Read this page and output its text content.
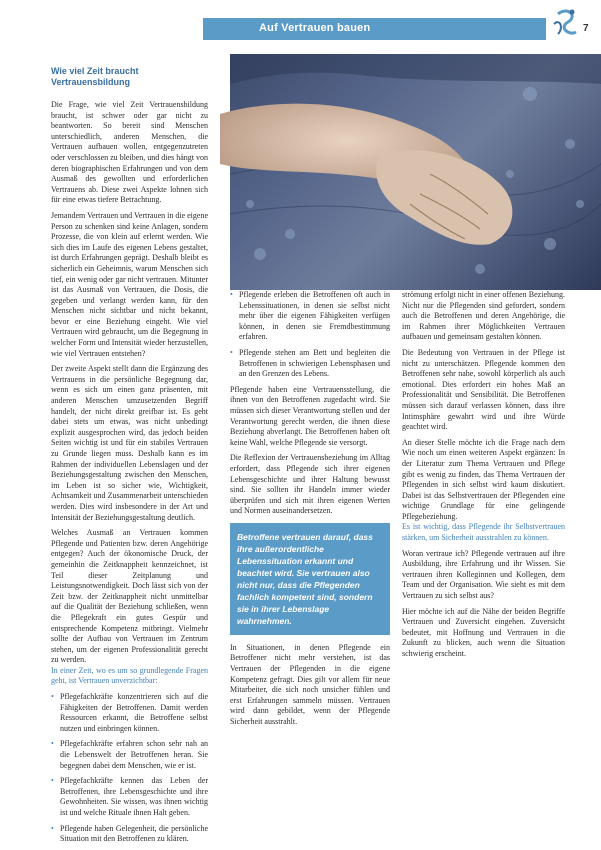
Auf Vertrauen bauen	7
Wie viel Zeit braucht
Vertrauensbildung

Die Frage, wie viel Zeit Vertrauensbildung braucht, ist schwer oder gar nicht zu beantworten. So bereit sind Menschen unterschiedlich, anderen Menschen, die Vertrauen aufbauen wollen, entgegenzutreten oder verschlossen zu bleiben, und dies hängt von deren biographischen Erfahrungen und von dem Ausmaß des gewollten und erforderlichen Vertrauens ab. Diese zwei Aspekte lohnen sich für eine etwas tiefere Betrachtung.

Jemandem Vertrauen und Vertrauen in die eigene Person zu schenken sind keine Anlagen, sondern Prozesse, die von klein auf erlernt werden. Wie sich dies im Laufe des eigenen Lebens gestaltet, ist durch Erfahrungen geprägt. Deshalb bleibt es sicherlich ein Geheimnis, warum Menschen sich tief, ein wenig oder gar nicht vertrauen. Mitunter ist das Ausmaß von Vertrauen, die Dosis, die gegeben und verlangt werden kann, für den Menschen nicht sichtbar und nicht bekannt, bevor er eine Beziehung eingeht. Wie viel Vertrauen wird gebraucht, um die Begegnung in welcher Form und Intensität wieder herzustellen, wie viel Vertrauen entstehen?

Der zweite Aspekt stellt dann die Ergänzung des Vertrauens in die persönliche Begegnung dar, wenn es sich um einen ganz präsenten, mit anderen Menschen umzusetzenden Begriff handelt, der nicht direkt greifbar ist. Es geht dabei stets um etwas, was nicht unbedingt explizit ausgesprochen wird, das jedoch beiden Seiten wichtig ist und für ein stabiles Vertrauen zu Grunde liegen muss. Deshalb kann es im Rahmen der individuellen Lebenslagen und der Beziehungsgestaltung zwischen den Menschen, im Leben ist so sicher wie, Wichtigkeit, Achtsamkeit und Zusammenarbeit unterschieden werden. Dies wird insbesondere in der Art und Intensität der Beziehungsgestaltung deutlich.

Welches Ausmaß an Vertrauen kommen Pflegende und Patienten bzw. deren Angehörige entgegen? Auch der ökonomische Druck, der gemeinhin die Zeitknappheit kennzeichnet, ist Teil dieser Zeitplanung und Leistungsnotwendigkeit. Doch lässt sich von der Zeit bzw. der Zeitknappheit nicht unmittelbar auf die Qualität der Beziehung schließen, wenn die Pflegekraft ein gutes Gespür und entsprechende Kompetenz mitbringt. Vielmehr sollte der Aufbau von Vertrauen im Zentrum stehen, um der eigenen Professionalität gerecht zu werden.

In einer Zeit, wo es um so grundlegende Fragen geht, ist Vertrauen unverzichtbar:

• Pflegefachkräfte konzentrieren sich auf die Fähigkeiten der Betroffenen. Damit werden Ressourcen erkannt, die Betroffene selbst nutzen und einbringen können.
• Pflegefachkräfte erfahren schon sehr nah an die Lebenswelt der Betroffenen heran. Sie begegnen dabei dem Menschen, wie er ist.
• Pflegefachkräfte kennen das Leben der Betroffenen, ihre Lebensgeschichte und ihre Gewohnheiten. Sie wissen, was ihnen wichtig ist und welche Rituale ihnen Halt geben.
• Pflegende haben Gelegenheit, die persönliche Situation mit den Betroffenen zu klären.
• Pflegende erleben die Betroffenen oft auch in Lebenssituationen, in denen sie selbst nicht mehr über die eigenen Fähigkeiten verfügen können, in denen sie Fremdbestimmung erfahren.
• Pflegende stehen am Bett und begleiten die Betroffenen in schwierigen Lebensphasen und an den Grenzen des Lebens.

Pflegende haben eine Vertrauensstellung, die ihnen von den Betroffenen zugedacht wird. Sie müssen sich dieser Verantwortung stellen und der Verantwortung gerecht werden, die ihnen diese Beziehung abverlangt. Die Betroffenen haben oft keine Wahl, welche Pflegende sie versorgt.

Die Reflexion der Vertrauensbeziehung im Alltag erfordert, dass Pflegende sich ihrer eigenen Lebensgeschichte und ihrer Haltung bewusst sind. Sie sollten ihr Handeln immer wieder überprüfen und sich mit ihren eigenen Werten und Normen auseinandersetzen.

Betroffene vertrauen darauf, dass ihre außerordentliche Lebenssituation erkannt und beachtet wird. Sie vertrauen also nicht nur, dass die Pflegenden fachlich kompetent sind, sondern sie in ihrer Lebenslage wahrnehmen.

In Situationen, in denen Pflegende ein Betroffener nicht mehr verstehen, ist das Vertrauen der Pflegenden in die eigene Kompetenz gefragt. Dies gilt vor allem für neue Mitarbeiter, die sich noch unsicher fühlen und erst Erfahrungen sammeln müssen. Vertrauen wird dann gebildet, wenn der Pflegende Sicherheit ausstrahlt.

strömung erfolgt nicht in einer offenen Beziehung. Nicht nur die Pflegenden sind gefordert, sondern auch die Betroffenen und deren Angehörige, die im Rahmen ihrer Möglichkeiten Vertrauen aufbauen und gemeinsam gestalten können.

Die Bedeutung von Vertrauen in der Pflege ist nicht zu unterschätzen. Pflegende kommen den Betroffenen sehr nahe, sowohl körperlich als auch emotional. Dies erfordert ein hohes Maß an Professionalität und Sensibilität. Die Betroffenen müssen sich darauf verlassen können, dass ihre Intimsphäre gewahrt wird und ihre Würde geachtet wird.

An dieser Stelle möchte ich die Frage nach dem Wie noch um einen weiteren Aspekt ergänzen: In der Literatur zum Thema Vertrauen und Pflege gibt es wenig zu finden, das Thema Vertrauen der Pflegenden in sich selbst wird kaum diskutiert. Dabei ist das Selbstvertrauen der Pflegenden eine wichtige Grundlage für eine gelingende Pflegebeziehung.

Es ist wichtig, dass Pflegende ihr Selbstvertrauen stärken, um Sicherheit ausstrahlen zu können.

Woran vertraue ich? Pflegende vertrauen auf ihre Ausbildung, ihre Erfahrung und ihr Wissen. Sie vertrauen ihren Kolleginnen und Kollegen, dem Team und der Organisation. Wie sieht es mit dem Vertrauen zu sich selbst aus?

Hier möchte ich auf die Nähe der beiden Begriffe Vertrauen und Zuversicht eingehen. Zuversicht bedeutet, mit Hoffnung und Vertrauen in die Zukunft zu blicken, auch wenn die Situation schwierig erscheint.
